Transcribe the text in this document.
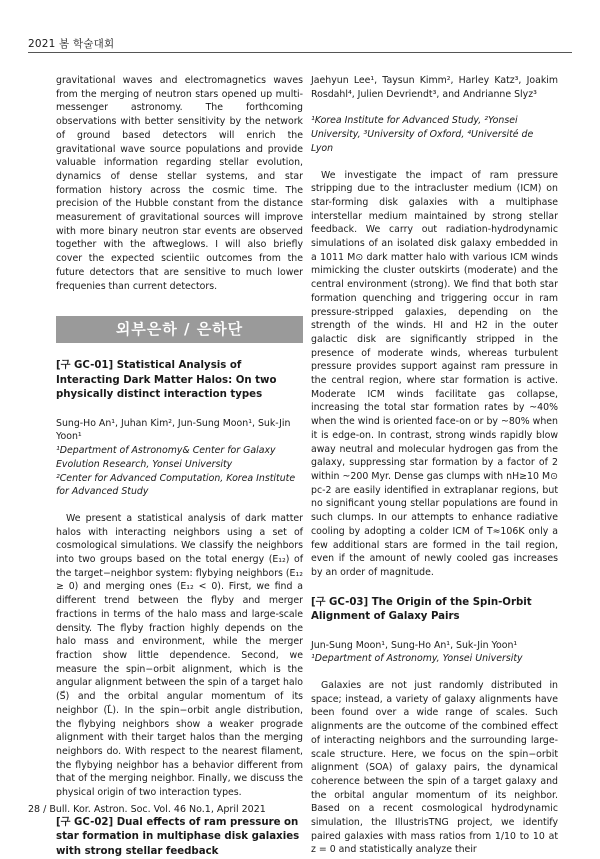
2021 봄 학술대회

gravitational waves and electromagnetics waves from the merging of neutron stars opened up multi-messenger astronomy. The forthcoming observations with better sensitivity by the network of ground based detectors will enrich the gravitational wave source populations and provide valuable information regarding stellar evolution, dynamics of dense stellar systems, and star formation history across the cosmic time. The precision of the Hubble constant from the distance measurement of gravitational sources will improve with more binary neutron star events are observed together with the aftweglows. I will also briefly cover the expected scientiic outcomes from the future detectors that are sensitive to much lower frequenies than current detectors.

외부은하 / 은하단

[구 GC-01] Statistical Analysis of Interacting Dark Matter Halos: On two physically distinct interaction types

Sung-Ho An¹, Juhan Kim², Jun-Sung Moon¹, Suk-Jin Yoon¹

¹Department of Astronomy& Center for Galaxy Evolution Research, Yonsei University

²Center for Advanced Computation, Korea Institute for Advanced Study

We present a statistical analysis of dark matter halos with interacting neighbors using a set of cosmological simulations. We classify the neighbors into two groups based on the total energy (E₁₂) of the target−neighbor system: flybying neighbors (E₁₂ ≥ 0) and merging ones (E₁₂ < 0). First, we find a different trend between the flyby and merger fractions in terms of the halo mass and large-scale density. The flyby fraction highly depends on the halo mass and environment, while the merger fraction show little dependence. Second, we measure the spin−orbit alignment, which is the angular alignment between the spin of a target halo (S⃗) and the orbital angular momentum of its neighbor (L⃗). In the spin−orbit angle distribution, the flybying neighbors show a weaker prograde alignment with their target halos than the merging neighbors do. With respect to the nearest filament, the flybying neighbor has a behavior different from that of the merging neighbor. Finally, we discuss the physical origin of two interaction types.

[구 GC-02] Dual effects of ram pressure on star formation in multiphase disk galaxies with strong stellar feedback

Jaehyun Lee¹, Taysun Kimm², Harley Katz³, Joakim Rosdahl⁴, Julien Devriendt³, and Andrianne Slyz³

¹Korea Institute for Advanced Study, ²Yonsei University, ³University of Oxford, ⁴Université de Lyon

We investigate the impact of ram pressure stripping due to the intracluster medium (ICM) on star-forming disk galaxies with a multiphase interstellar medium maintained by strong stellar feedback. We carry out radiation-hydrodynamic simulations of an isolated disk galaxy embedded in a 1011 M⊙ dark matter halo with various ICM winds mimicking the cluster outskirts (moderate) and the central environment (strong). We find that both star formation quenching and triggering occur in ram pressure-stripped galaxies, depending on the strength of the winds. HI and H2 in the outer galactic disk are significantly stripped in the presence of moderate winds, whereas turbulent pressure provides support against ram pressure in the central region, where star formation is active. Moderate ICM winds facilitate gas collapse, increasing the total star formation rates by ~40% when the wind is oriented face-on or by ~80% when it is edge-on. In contrast, strong winds rapidly blow away neutral and molecular hydrogen gas from the galaxy, suppressing star formation by a factor of 2 within ~200 Myr. Dense gas clumps with nH≥10 M⊙ pc-2 are easily identified in extraplanar regions, but no significant young stellar populations are found in such clumps. In our attempts to enhance radiative cooling by adopting a colder ICM of T≈106K only a few additional stars are formed in the tail region, even if the amount of newly cooled gas increases by an order of magnitude.

[구 GC-03] The Origin of the Spin-Orbit Alignment of Galaxy Pairs

Jun-Sung Moon¹, Sung-Ho An¹, Suk-Jin Yoon¹

¹Department of Astronomy, Yonsei University

Galaxies are not just randomly distributed in space; instead, a variety of galaxy alignments have been found over a wide range of scales. Such alignments are the outcome of the combined effect of interacting neighbors and the surrounding large-scale structure. Here, we focus on the spin−orbit alignment (SOA) of galaxy pairs, the dynamical coherence between the spin of a target galaxy and the orbital angular momentum of its neighbor. Based on a recent cosmological hydrodynamic simulation, the IllustrisTNG project, we identify paired galaxies with mass ratios from 1/10 to 10 at z = 0 and statistically analyze their

28 / Bull. Kor. Astron. Soc. Vol. 46 No.1, April 2021
